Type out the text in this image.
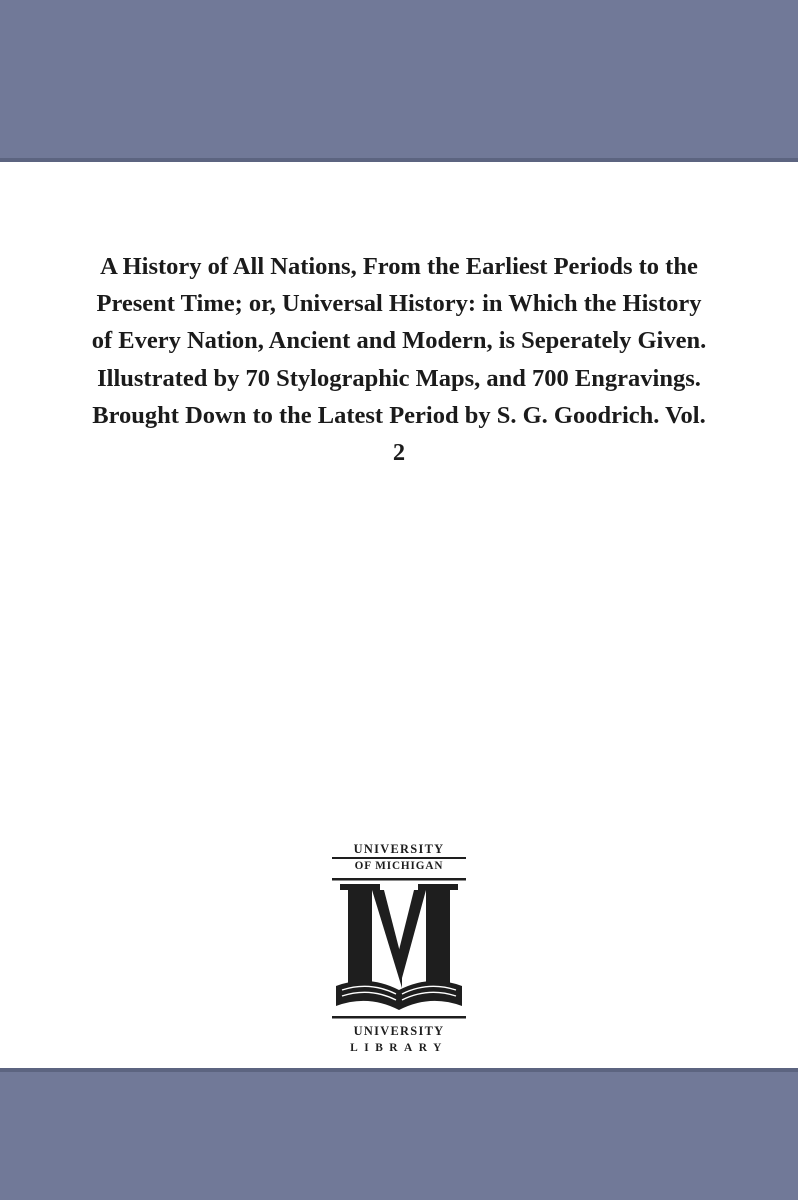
A History of All Nations, From the Earliest Periods to the Present Time; or, Universal History: in Which the History of Every Nation, Ancient and Modern, is Seperately Given. Illustrated by 70 Stylographic Maps, and 700 Engravings. Brought Down to the Latest Period by S. G. Goodrich. Vol. 2

UNIVERSITY
OF MICHIGAN
UNIVERSITY
LIBRARY
